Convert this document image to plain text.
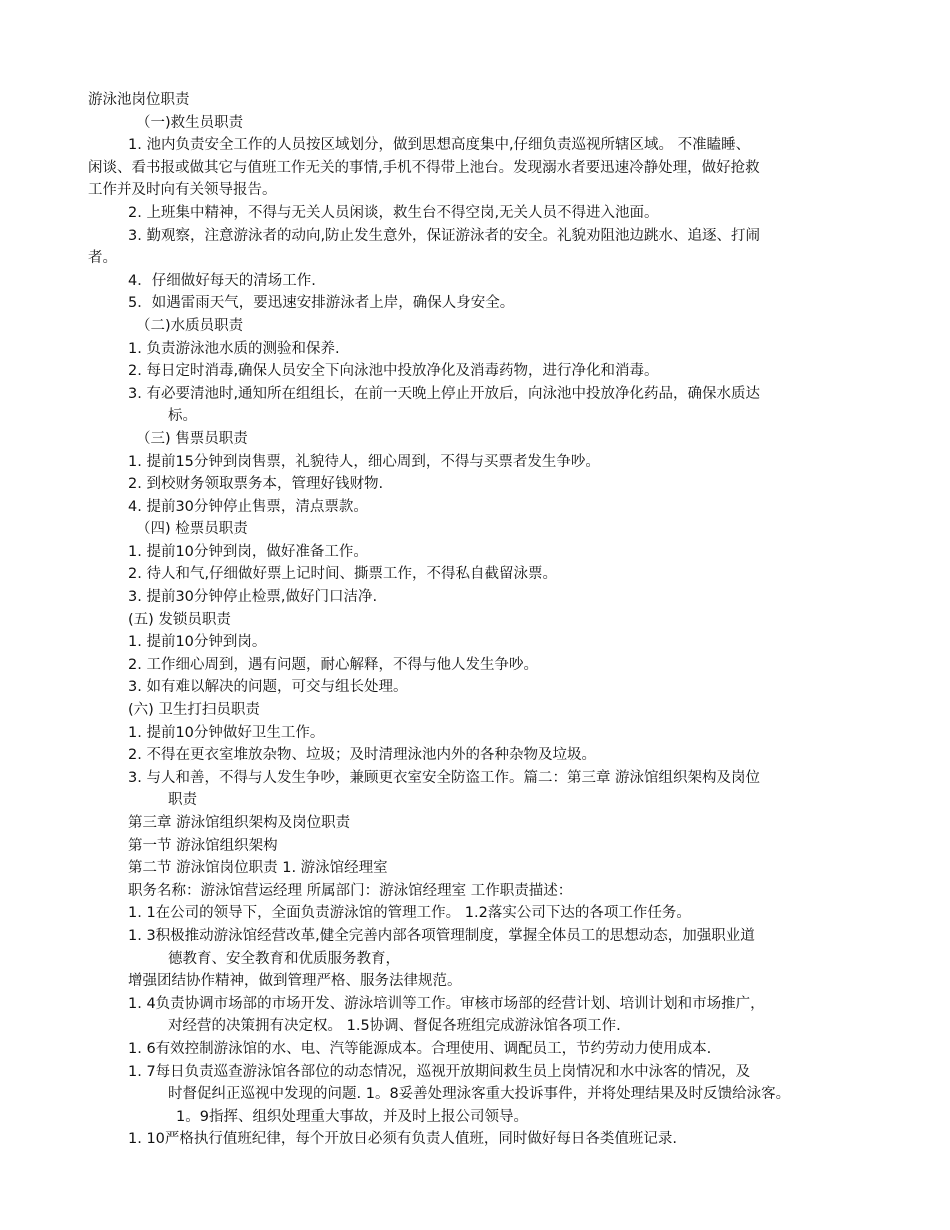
游泳池岗位职责
（一)救生员职责
1. 池内负责安全工作的人员按区域划分，做到思想高度集中,仔细负责巡视所辖区域。 不准瞌睡、
闲谈、看书报或做其它与值班工作无关的事情,手机不得带上池台。发现溺水者要迅速冷静处理，做好抢救
工作并及时向有关领导报告。
2. 上班集中精神，不得与无关人员闲谈，救生台不得空岗,无关人员不得进入池面。
3. 勤观察，注意游泳者的动向,防止发生意外，保证游泳者的安全。礼貌劝阻池边跳水、追逐、打闹
者。
4．仔细做好每天的清场工作.
5．如遇雷雨天气，要迅速安排游泳者上岸，确保人身安全。
（二)水质员职责
1. 负责游泳池水质的测验和保养.
2. 每日定时消毒,确保人员安全下向泳池中投放净化及消毒药物，进行净化和消毒。
3. 有必要清池时,通知所在组组长，在前一天晚上停止开放后，向泳池中投放净化药品，确保水质达
标。
（三) 售票员职责
1. 提前15分钟到岗售票，礼貌待人，细心周到，不得与买票者发生争吵。
2. 到校财务领取票务本，管理好钱财物.
4. 提前30分钟停止售票，清点票款。
（四) 检票员职责
1. 提前10分钟到岗，做好准备工作。
2. 待人和气,仔细做好票上记时间、撕票工作，不得私自截留泳票。
3. 提前30分钟停止检票,做好门口洁净.
(五) 发锁员职责
1. 提前10分钟到岗。
2. 工作细心周到，遇有问题，耐心解释，不得与他人发生争吵。
3. 如有难以解决的问题，可交与组长处理。
(六) 卫生打扫员职责
1. 提前10分钟做好卫生工作。
2. 不得在更衣室堆放杂物、垃圾；及时清理泳池内外的各种杂物及垃圾。
3. 与人和善，不得与人发生争吵，兼顾更衣室安全防盗工作。篇二：第三章 游泳馆组织架构及岗位
职责
第三章 游泳馆组织架构及岗位职责
第一节 游泳馆组织架构
第二节 游泳馆岗位职责 1. 游泳馆经理室
职务名称：游泳馆营运经理 所属部门：游泳馆经理室 工作职责描述：
1. 1在公司的领导下，全面负责游泳馆的管理工作。 1.2落实公司下达的各项工作任务。
1. 3积极推动游泳馆经营改革,健全完善内部各项管理制度，掌握全体员工的思想动态，加强职业道
德教育、安全教育和优质服务教育，
增强团结协作精神，做到管理严格、服务法律规范。
1. 4负责协调市场部的市场开发、游泳培训等工作。审核市场部的经营计划、培训计划和市场推广，
对经营的决策拥有决定权。 1.5协调、督促各班组完成游泳馆各项工作.
1. 6有效控制游泳馆的水、电、汽等能源成本。合理使用、调配员工，节约劳动力使用成本.
1. 7每日负责巡查游泳馆各部位的动态情况，巡视开放期间救生员上岗情况和水中泳客的情况，及
时督促纠正巡视中发现的问题. 1。8妥善处理泳客重大投诉事件，并将处理结果及时反馈给泳客。
1。9指挥、组织处理重大事故，并及时上报公司领导。
1. 10严格执行值班纪律，每个开放日必须有负责人值班，同时做好每日各类值班记录.
